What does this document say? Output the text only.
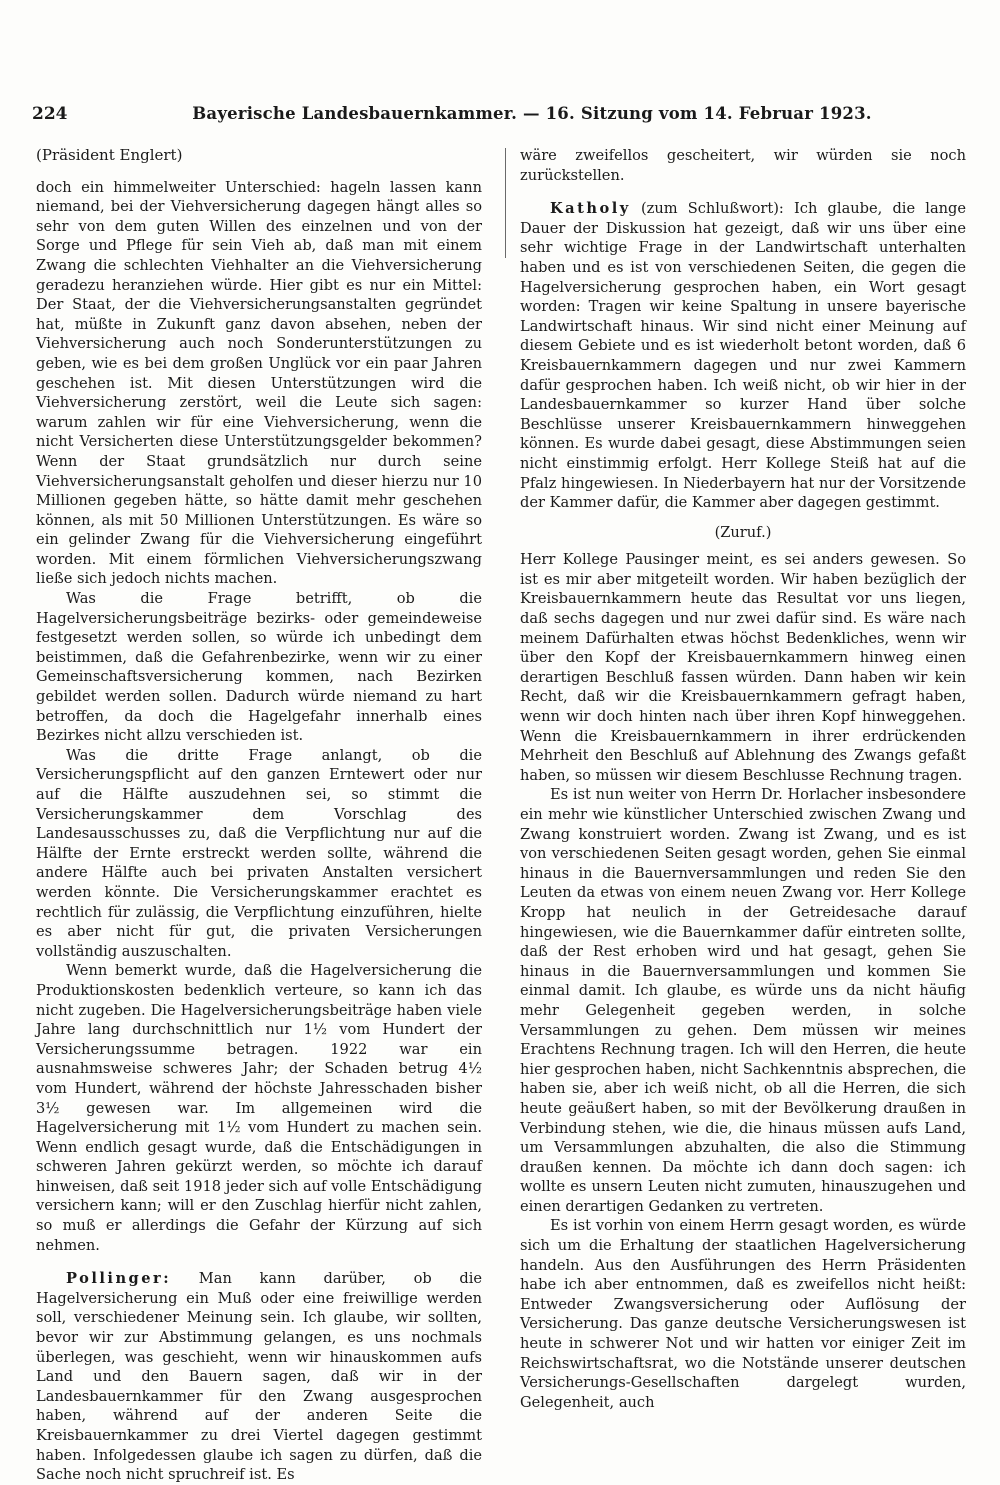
224	Bayerische Landesbauernkammer. — 16. Sitzung vom 14. Februar 1923.

(Präsident Englert)

doch ein himmelweiter Unterschied: hageln lassen kann niemand, bei der Viehversicherung dagegen hängt alles so sehr von dem guten Willen des einzelnen und von der Sorge und Pflege für sein Vieh ab, daß man mit einem Zwang die schlechten Viehhalter an die Viehversicherung geradezu heranziehen würde. Hier gibt es nur ein Mittel: Der Staat, der die Viehversicherungsanstalten gegründet hat, müßte in Zukunft ganz davon absehen, neben der Viehversicherung auch noch Sonderunterstützungen zu geben, wie es bei dem großen Unglück vor ein paar Jahren geschehen ist. Mit diesen Unterstützungen wird die Viehversicherung zerstört, weil die Leute sich sagen: warum zahlen wir für eine Viehversicherung, wenn die nicht Versicherten diese Unterstützungsgelder bekommen? Wenn der Staat grundsätzlich nur durch seine Viehversicherungsanstalt geholfen und dieser hierzu nur 10 Millionen gegeben hätte, so hätte damit mehr geschehen können, als mit 50 Millionen Unterstützungen. Es wäre so ein gelinder Zwang für die Viehversicherung eingeführt worden. Mit einem förmlichen Viehversicherungszwang ließe sich jedoch nichts machen.

Was die Frage betrifft, ob die Hagelversicherungsbeiträge bezirks- oder gemeindeweise festgesetzt werden sollen, so würde ich unbedingt dem beistimmen, daß die Gefahrenbezirke, wenn wir zu einer Gemeinschaftsversicherung kommen, nach Bezirken gebildet werden sollen. Dadurch würde niemand zu hart betroffen, da doch die Hagelgefahr innerhalb eines Bezirkes nicht allzu verschieden ist.

Was die dritte Frage anlangt, ob die Versicherungspflicht auf den ganzen Erntewert oder nur auf die Hälfte auszudehnen sei, so stimmt die Versicherungskammer dem Vorschlag des Landesausschusses zu, daß die Verpflichtung nur auf die Hälfte der Ernte erstreckt werden sollte, während die andere Hälfte auch bei privaten Anstalten versichert werden könnte. Die Versicherungskammer erachtet es rechtlich für zulässig, die Verpflichtung einzuführen, hielte es aber nicht für gut, die privaten Versicherungen vollständig auszuschalten.

Wenn bemerkt wurde, daß die Hagelversicherung die Produktionskosten bedenklich verteure, so kann ich das nicht zugeben. Die Hagelversicherungsbeiträge haben viele Jahre lang durchschnittlich nur 1½ vom Hundert der Versicherungssumme betragen. 1922 war ein ausnahmsweise schweres Jahr; der Schaden betrug 4½ vom Hundert, während der höchste Jahresschaden bisher 3½ gewesen war. Im allgemeinen wird die Hagelversicherung mit 1½ vom Hundert zu machen sein. Wenn endlich gesagt wurde, daß die Entschädigungen in schweren Jahren gekürzt werden, so möchte ich darauf hinweisen, daß seit 1918 jeder sich auf volle Entschädigung versichern kann; will er den Zuschlag hierfür nicht zahlen, so muß er allerdings die Gefahr der Kürzung auf sich nehmen.

Pollinger: Man kann darüber, ob die Hagelversicherung ein Muß oder eine freiwillige werden soll, verschiedener Meinung sein. Ich glaube, wir sollten, bevor wir zur Abstimmung gelangen, es uns nochmals überlegen, was geschieht, wenn wir hinauskommen aufs Land und den Bauern sagen, daß wir in der Landesbauernkammer für den Zwang ausgesprochen haben, während auf der anderen Seite die Kreisbauernkammer zu drei Viertel dagegen gestimmt haben. Infolgedessen glaube ich sagen zu dürfen, daß die Sache noch nicht spruchreif ist. Es

wäre zweifellos gescheitert, wir würden sie noch zurückstellen.

Katholy (zum Schlußwort): Ich glaube, die lange Dauer der Diskussion hat gezeigt, daß wir uns über eine sehr wichtige Frage in der Landwirtschaft unterhalten haben und es ist von verschiedenen Seiten, die gegen die Hagelversicherung gesprochen haben, ein Wort gesagt worden: Tragen wir keine Spaltung in unsere bayerische Landwirtschaft hinaus. Wir sind nicht einer Meinung auf diesem Gebiete und es ist wiederholt betont worden, daß 6 Kreisbauernkammern dagegen und nur zwei Kammern dafür gesprochen haben. Ich weiß nicht, ob wir hier in der Landesbauernkammer so kurzer Hand über solche Beschlüsse unserer Kreisbauernkammern hinweggehen können. Es wurde dabei gesagt, diese Abstimmungen seien nicht einstimmig erfolgt. Herr Kollege Steiß hat auf die Pfalz hingewiesen. In Niederbayern hat nur der Vorsitzende der Kammer dafür, die Kammer aber dagegen gestimmt.

(Zuruf.)

Herr Kollege Pausinger meint, es sei anders gewesen. So ist es mir aber mitgeteilt worden. Wir haben bezüglich der Kreisbauernkammern heute das Resultat vor uns liegen, daß sechs dagegen und nur zwei dafür sind. Es wäre nach meinem Dafürhalten etwas höchst Bedenkliches, wenn wir über den Kopf der Kreisbauernkammern hinweg einen derartigen Beschluß fassen würden. Dann haben wir kein Recht, daß wir die Kreisbauernkammern gefragt haben, wenn wir doch hinten nach über ihren Kopf hinweggehen. Wenn die Kreisbauernkammern in ihrer erdrückenden Mehrheit den Beschluß auf Ablehnung des Zwangs gefaßt haben, so müssen wir diesem Beschlusse Rechnung tragen.

Es ist nun weiter von Herrn Dr. Horlacher insbesondere ein mehr wie künstlicher Unterschied zwischen Zwang und Zwang konstruiert worden. Zwang ist Zwang, und es ist von verschiedenen Seiten gesagt worden, gehen Sie einmal hinaus in die Bauernversammlungen und reden Sie den Leuten da etwas von einem neuen Zwang vor. Herr Kollege Kropp hat neulich in der Getreidesache darauf hingewiesen, wie die Bauernkammer dafür eintreten sollte, daß der Rest erhoben wird und hat gesagt, gehen Sie hinaus in die Bauernversammlungen und kommen Sie einmal damit. Ich glaube, es würde uns da nicht häufig mehr Gelegenheit gegeben werden, in solche Versammlungen zu gehen. Dem müssen wir meines Erachtens Rechnung tragen. Ich will den Herren, die heute hier gesprochen haben, nicht Sachkenntnis absprechen, die haben sie, aber ich weiß nicht, ob all die Herren, die sich heute geäußert haben, so mit der Bevölkerung draußen in Verbindung stehen, wie die, die hinaus müssen aufs Land, um Versammlungen abzuhalten, die also die Stimmung draußen kennen. Da möchte ich dann doch sagen: ich wollte es unsern Leuten nicht zumuten, hinauszugehen und einen derartigen Gedanken zu vertreten.

Es ist vorhin von einem Herrn gesagt worden, es würde sich um die Erhaltung der staatlichen Hagelversicherung handeln. Aus den Ausführungen des Herrn Präsidenten habe ich aber entnommen, daß es zweifellos nicht heißt: Entweder Zwangsversicherung oder Auflösung der Versicherung. Das ganze deutsche Versicherungswesen ist heute in schwerer Not und wir hatten vor einiger Zeit im Reichswirtschaftsrat, wo die Notstände unserer deutschen Versicherungs-Gesellschaften dargelegt wurden, Gelegenheit, auch
